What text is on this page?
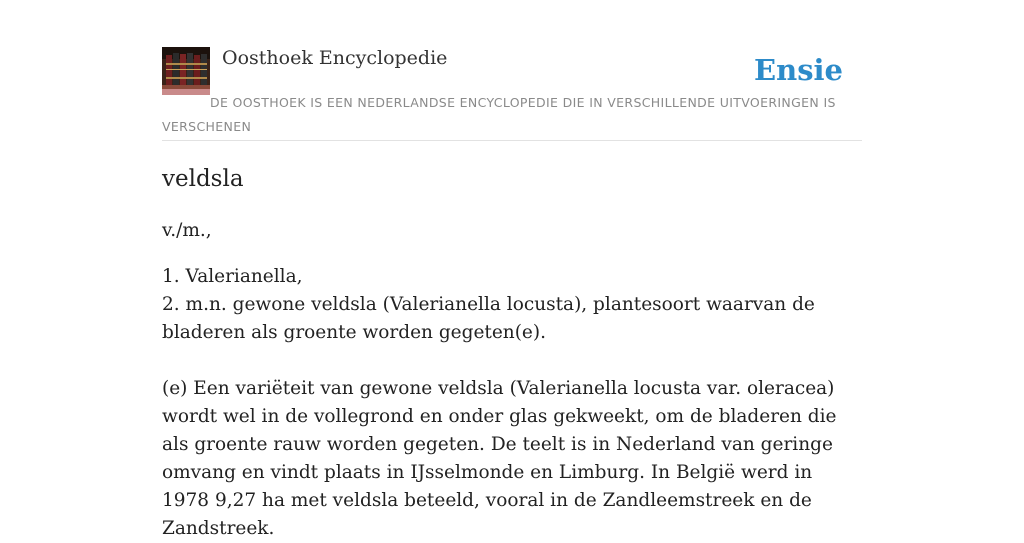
Oosthoek Encyclopedie	Ensie
DE OOSTHOEK IS EEN NEDERLANDSE ENCYCLOPEDIE DIE IN VERSCHILLENDE UITVOERINGEN IS VERSCHENEN
veldsla

v./m.,

1. Valerianella,

2. m.n. gewone veldsla (Valerianella locusta), plantesoort waarvan de bladeren als groente worden gegeten(e).

(e) Een variëteit van gewone veldsla (Valerianella locusta var. oleracea) wordt wel in de vollegrond en onder glas gekweekt, om de bladeren die als groente rauw worden gegeten. De teelt is in Nederland van geringe omvang en vindt plaats in IJsselmonde en Limburg. In België werd in 1978 9,27 ha met veldsla beteeld, vooral in de Zandleemstreek en de Zandstreek.
